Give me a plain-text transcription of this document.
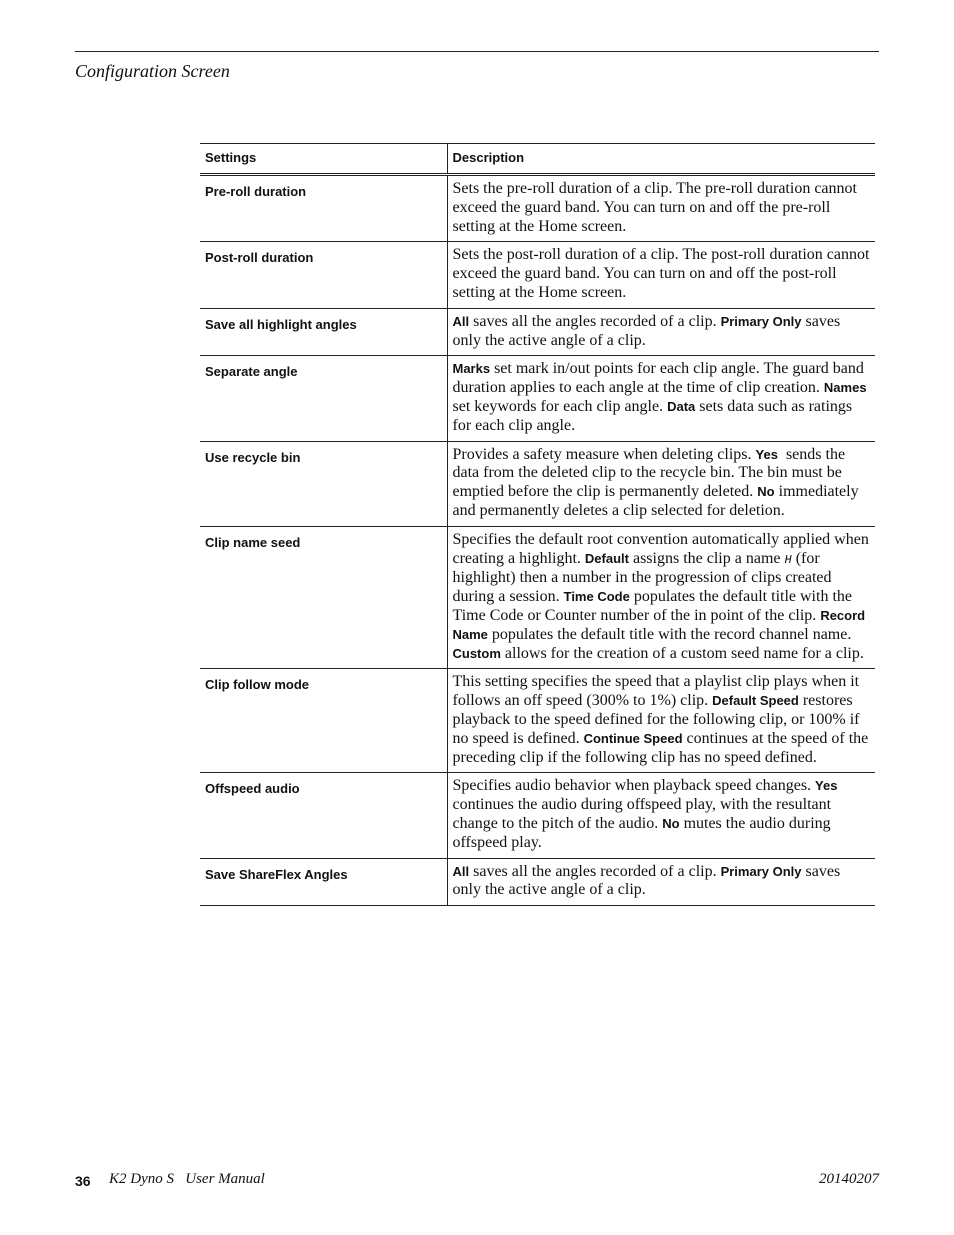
Configuration Screen
Settings	Description
Pre-roll duration	Sets the pre-roll duration of a clip. The pre-roll duration cannot exceed the guard band. You can turn on and off the pre-roll setting at the Home screen.
Post-roll duration	Sets the post-roll duration of a clip. The post-roll duration cannot exceed the guard band. You can turn on and off the post-roll setting at the Home screen.
Save all highlight angles	All saves all the angles recorded of a clip. Primary Only saves only the active angle of a clip.
Separate angle	Marks set mark in/out points for each clip angle. The guard band duration applies to each angle at the time of clip creation. Names set keywords for each clip angle. Data sets data such as ratings for each clip angle.
Use recycle bin	Provides a safety measure when deleting clips. Yes  sends the data from the deleted clip to the recycle bin. The bin must be emptied before the clip is permanently deleted. No immediately and permanently deletes a clip selected for deletion.
Clip name seed	Specifies the default root convention automatically applied when creating a highlight. Default assigns the clip a name H (for highlight) then a number in the progression of clips created during a session. Time Code populates the default title with the Time Code or Counter number of the in point of the clip. Record Name populates the default title with the record channel name. Custom allows for the creation of a custom seed name for a clip.
Clip follow mode	This setting specifies the speed that a playlist clip plays when it follows an off speed (300% to 1%) clip. Default Speed restores playback to the speed defined for the following clip, or 100% if no speed is defined. Continue Speed continues at the speed of the preceding clip if the following clip has no speed defined.
Offspeed audio	Specifies audio behavior when playback speed changes. Yes continues the audio during offspeed play, with the resultant change to the pitch of the audio. No mutes the audio during offspeed play.
Save ShareFlex Angles	All saves all the angles recorded of a clip. Primary Only saves only the active angle of a clip.
36 K2 Dyno S   User Manual	20140207
